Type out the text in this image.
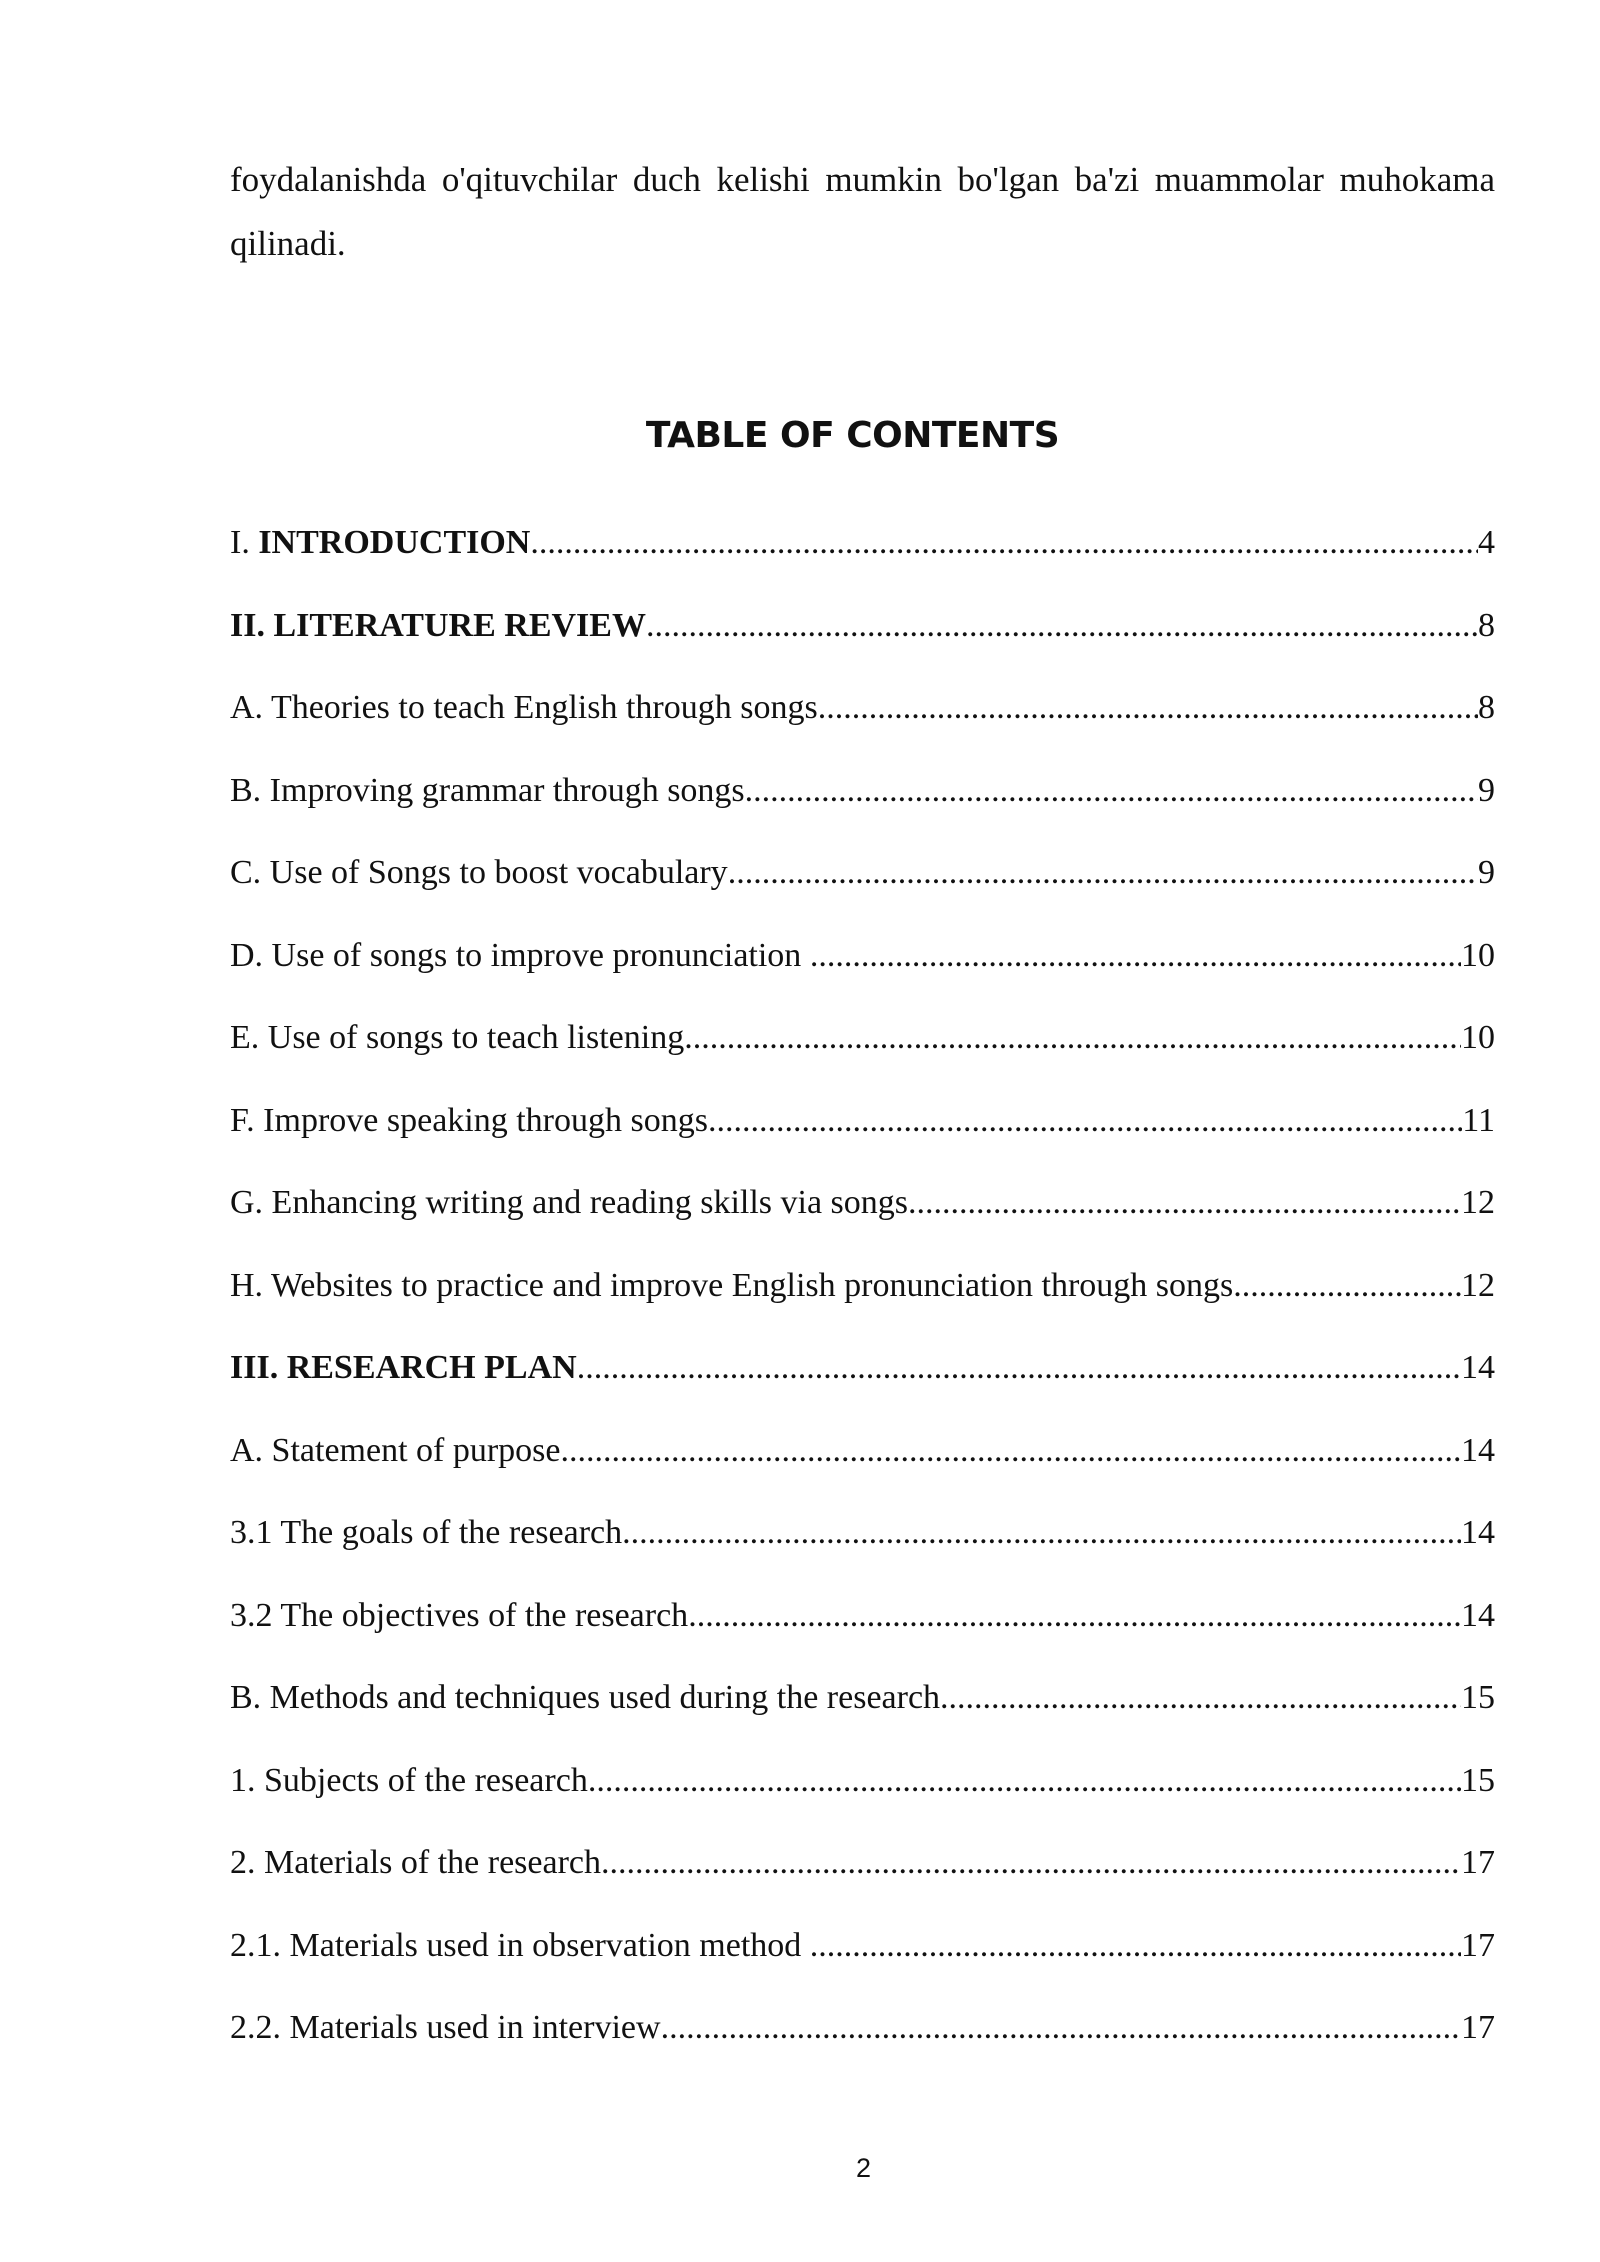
foydalanishda o'qituvchilar duch kelishi mumkin bo'lgan ba'zi muammolar muhokama qilinadi.

TABLE OF CONTENTS
I. INTRODUCTION .....	4
II. LITERATURE REVIEW .....	8
A. Theories to teach English through songs .....	8
B. Improving grammar through songs .....	9
C. Use of Songs to boost vocabulary .....	9
D. Use of songs to improve pronunciation .....	10
E. Use of songs to teach listening .....	10
F. Improve speaking through songs .....	11
G. Enhancing writing and reading skills via songs .....	12
H. Websites to practice and improve English pronunciation through songs .....	12
III. RESEARCH PLAN .....	14
A. Statement of purpose .....	14
3.1 The goals of the research .....	14
3.2 The objectives of the research .....	14
B. Methods and techniques used during the research .....	15
1. Subjects of the research .....	15
2. Materials of the research .....	17
2.1. Materials used in observation method .....	17
2.2. Materials used in interview .....	17
2
